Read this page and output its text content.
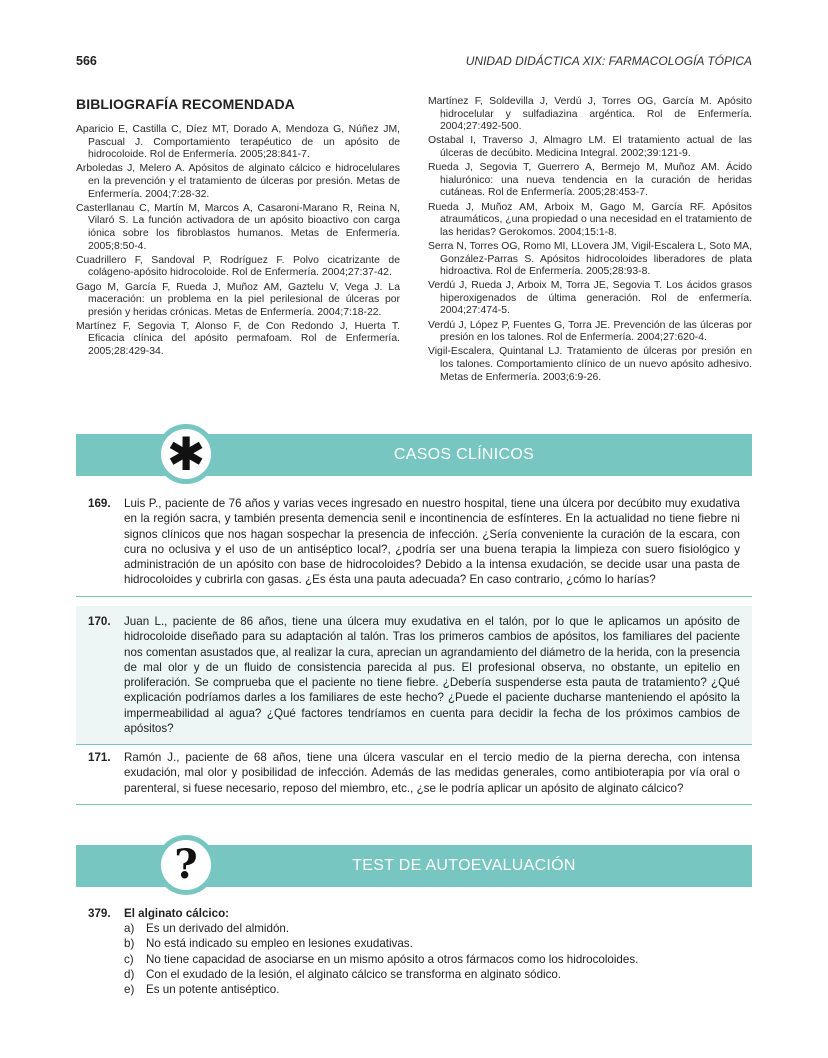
566	UNIDAD DIDÁCTICA XIX: FARMACOLOGÍA TÓPICA
BIBLIOGRAFÍA RECOMENDADA

Aparicio E, Castilla C, Díez MT, Dorado A, Mendoza G, Núñez JM, Pascual J. Comportamiento terapéutico de un apósito de hidrocoloide. Rol de Enfermería. 2005;28:841-7.

Arboledas J, Melero A. Apósitos de alginato cálcico e hidrocelulares en la prevención y el tratamiento de úlceras por presión. Metas de Enfermería. 2004;7:28-32.

Casterllanau C, Martín M, Marcos A, Casaroni-Marano R, Reina N, Vilaró S. La función activadora de un apósito bioactivo con carga iónica sobre los fibroblastos humanos. Metas de Enfermería. 2005;8:50-4.

Cuadrillero F, Sandoval P, Rodríguez F. Polvo cicatrizante de colágeno-apósito hidrocoloide. Rol de Enfermería. 2004;27:37-42.

Gago M, García F, Rueda J, Muñoz AM, Gaztelu V, Vega J. La maceración: un problema en la piel perilesional de úlceras por presión y heridas crónicas. Metas de Enfermería. 2004;7:18-22.

Martínez F, Segovia T, Alonso F, de Con Redondo J, Huerta T. Eficacia clínica del apósito permafoam. Rol de Enfermería. 2005;28:429-34.

Martínez F, Soldevilla J, Verdú J, Torres OG, García M. Apósito hidrocelular y sulfadiazina argéntica. Rol de Enfermería. 2004;27:492-500.

Ostabal I, Traverso J, Almagro LM. El tratamiento actual de las úlceras de decúbito. Medicina Integral. 2002;39:121-9.

Rueda J, Segovia T, Guerrero A, Bermejo M, Muñoz AM. Ácido hialurónico: una nueva tendencia en la curación de heridas cutáneas. Rol de Enfermería. 2005;28:453-7.

Rueda J, Muñoz AM, Arboix M, Gago M, García RF. Apósitos atraumáticos, ¿una propiedad o una necesidad en el tratamiento de las heridas? Gerokomos. 2004;15:1-8.

Serra N, Torres OG, Romo MI, LLovera JM, Vigil-Escalera L, Soto MA, González-Parras S. Apósitos hidrocoloides liberadores de plata hidroactiva. Rol de Enfermería. 2005;28:93-8.

Verdú J, Rueda J, Arboix M, Torra JE, Segovia T. Los ácidos grasos hiperoxigenados de última generación. Rol de enfermería. 2004;27:474-5.

Verdú J, López P, Fuentes G, Torra JE. Prevención de las úlceras por presión en los talones. Rol de Enfermería. 2004;27:620-4.

Vigil-Escalera, Quintanal LJ. Tratamiento de úlceras por presión en los talones. Comportamiento clínico de un nuevo apósito adhesivo. Metas de Enfermería. 2003;6:9-26.

✱	CASOS CLÍNICOS
169. Luis P., paciente de 76 años y varias veces ingresado en nuestro hospital, tiene una úlcera por decúbito muy exudativa en la región sacra, y también presenta demencia senil e incontinencia de esfínteres. En la actualidad no tiene fiebre ni signos clínicos que nos hagan sospechar la presencia de infección. ¿Sería conveniente la curación de la escara, con cura no oclusiva y el uso de un antiséptico local?, ¿podría ser una buena terapia la limpieza con suero fisiológico y administración de un apósito con base de hidrocoloides? Debido a la intensa exudación, se decide usar una pasta de hidrocoloides y cubrirla con gasas. ¿Es ésta una pauta adecuada? En caso contrario, ¿cómo lo harías?
170. Juan L., paciente de 86 años, tiene una úlcera muy exudativa en el talón, por lo que le aplicamos un apósito de hidrocoloide diseñado para su adaptación al talón. Tras los primeros cambios de apósitos, los familiares del paciente nos comentan asustados que, al realizar la cura, aprecian un agrandamiento del diámetro de la herida, con la presencia de mal olor y de un fluido de consistencia parecida al pus. El profesional observa, no obstante, un epitelio en proliferación. Se comprueba que el paciente no tiene fiebre. ¿Debería suspenderse esta pauta de tratamiento? ¿Qué explicación podríamos darles a los familiares de este hecho? ¿Puede el paciente ducharse manteniendo el apósito la impermeabilidad al agua? ¿Qué factores tendríamos en cuenta para decidir la fecha de los próximos cambios de apósitos?
171. Ramón J., paciente de 68 años, tiene una úlcera vascular en el tercio medio de la pierna derecha, con intensa exudación, mal olor y posibilidad de infección. Además de las medidas generales, como antibioterapia por vía oral o parenteral, si fuese necesario, reposo del miembro, etc., ¿se le podría aplicar un apósito de alginato cálcico?
?	TEST DE AUTOEVALUACIÓN
379. El alginato cálcico:
a)	Es un derivado del almidón.
b)	No está indicado su empleo en lesiones exudativas.
c)	No tiene capacidad de asociarse en un mismo apósito a otros fármacos como los hidrocoloides.
d)	Con el exudado de la lesión, el alginato cálcico se transforma en alginato sódico.
e)	Es un potente antiséptico.
